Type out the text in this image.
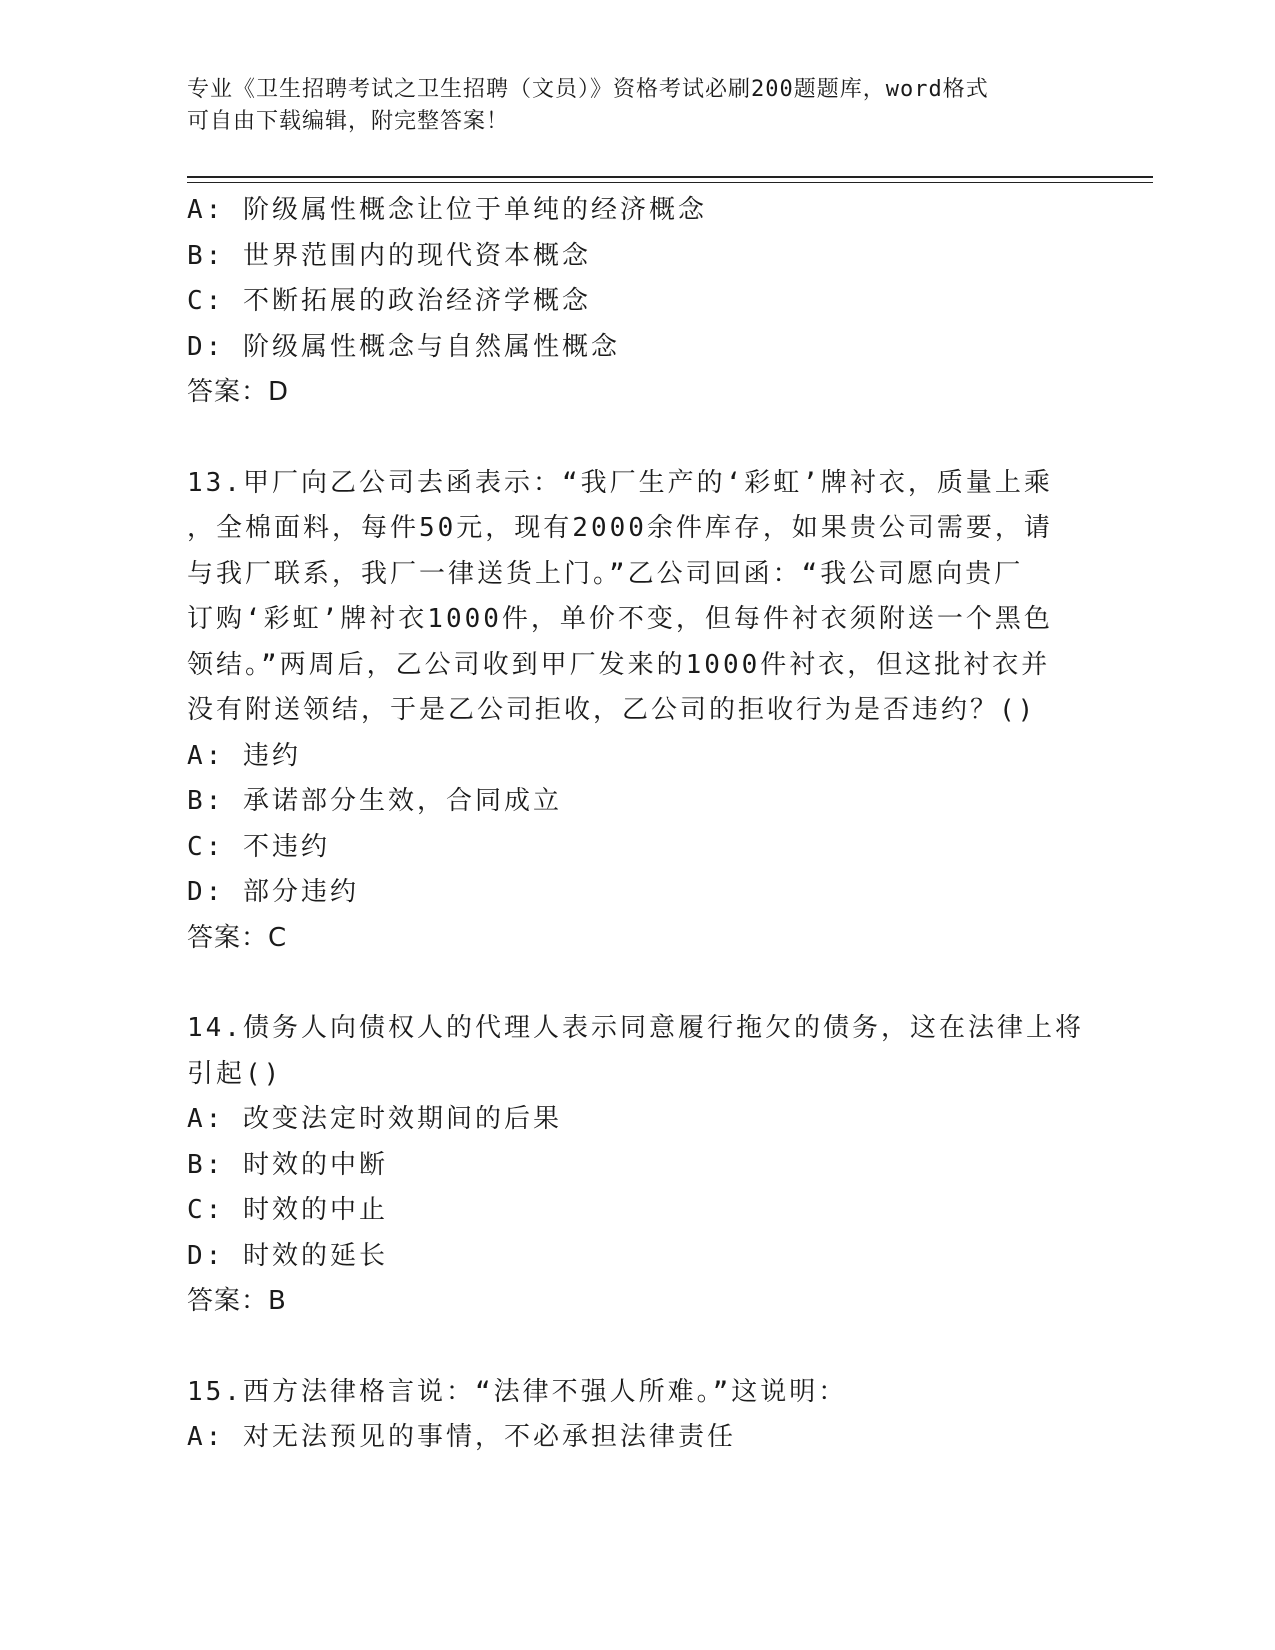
专业《卫生招聘考试之卫生招聘（文员）》资格考试必刷200题题库，word格式
可自由下载编辑，附完整答案！
A: 阶级属性概念让位于单纯的经济概念
B: 世界范围内的现代资本概念
C: 不断拓展的政治经济学概念
D: 阶级属性概念与自然属性概念
答案：D
13.甲厂向乙公司去函表示：“我厂生产的‘彩虹’牌衬衣，质量上乘
，全棉面料，每件50元，现有2000余件库存，如果贵公司需要，请
与我厂联系，我厂一律送货上门。”乙公司回函：“我公司愿向贵厂
订购‘彩虹’牌衬衣1000件，单价不变，但每件衬衣须附送一个黑色
领结。”两周后，乙公司收到甲厂发来的1000件衬衣，但这批衬衣并
没有附送领结，于是乙公司拒收，乙公司的拒收行为是否违约？()
A: 违约
B: 承诺部分生效，合同成立
C: 不违约
D: 部分违约
答案：C
14.债务人向债权人的代理人表示同意履行拖欠的债务，这在法律上将
引起()
A: 改变法定时效期间的后果
B: 时效的中断
C: 时效的中止
D: 时效的延长
答案：B
15.西方法律格言说：“法律不强人所难。”这说明：
A: 对无法预见的事情，不必承担法律责任
